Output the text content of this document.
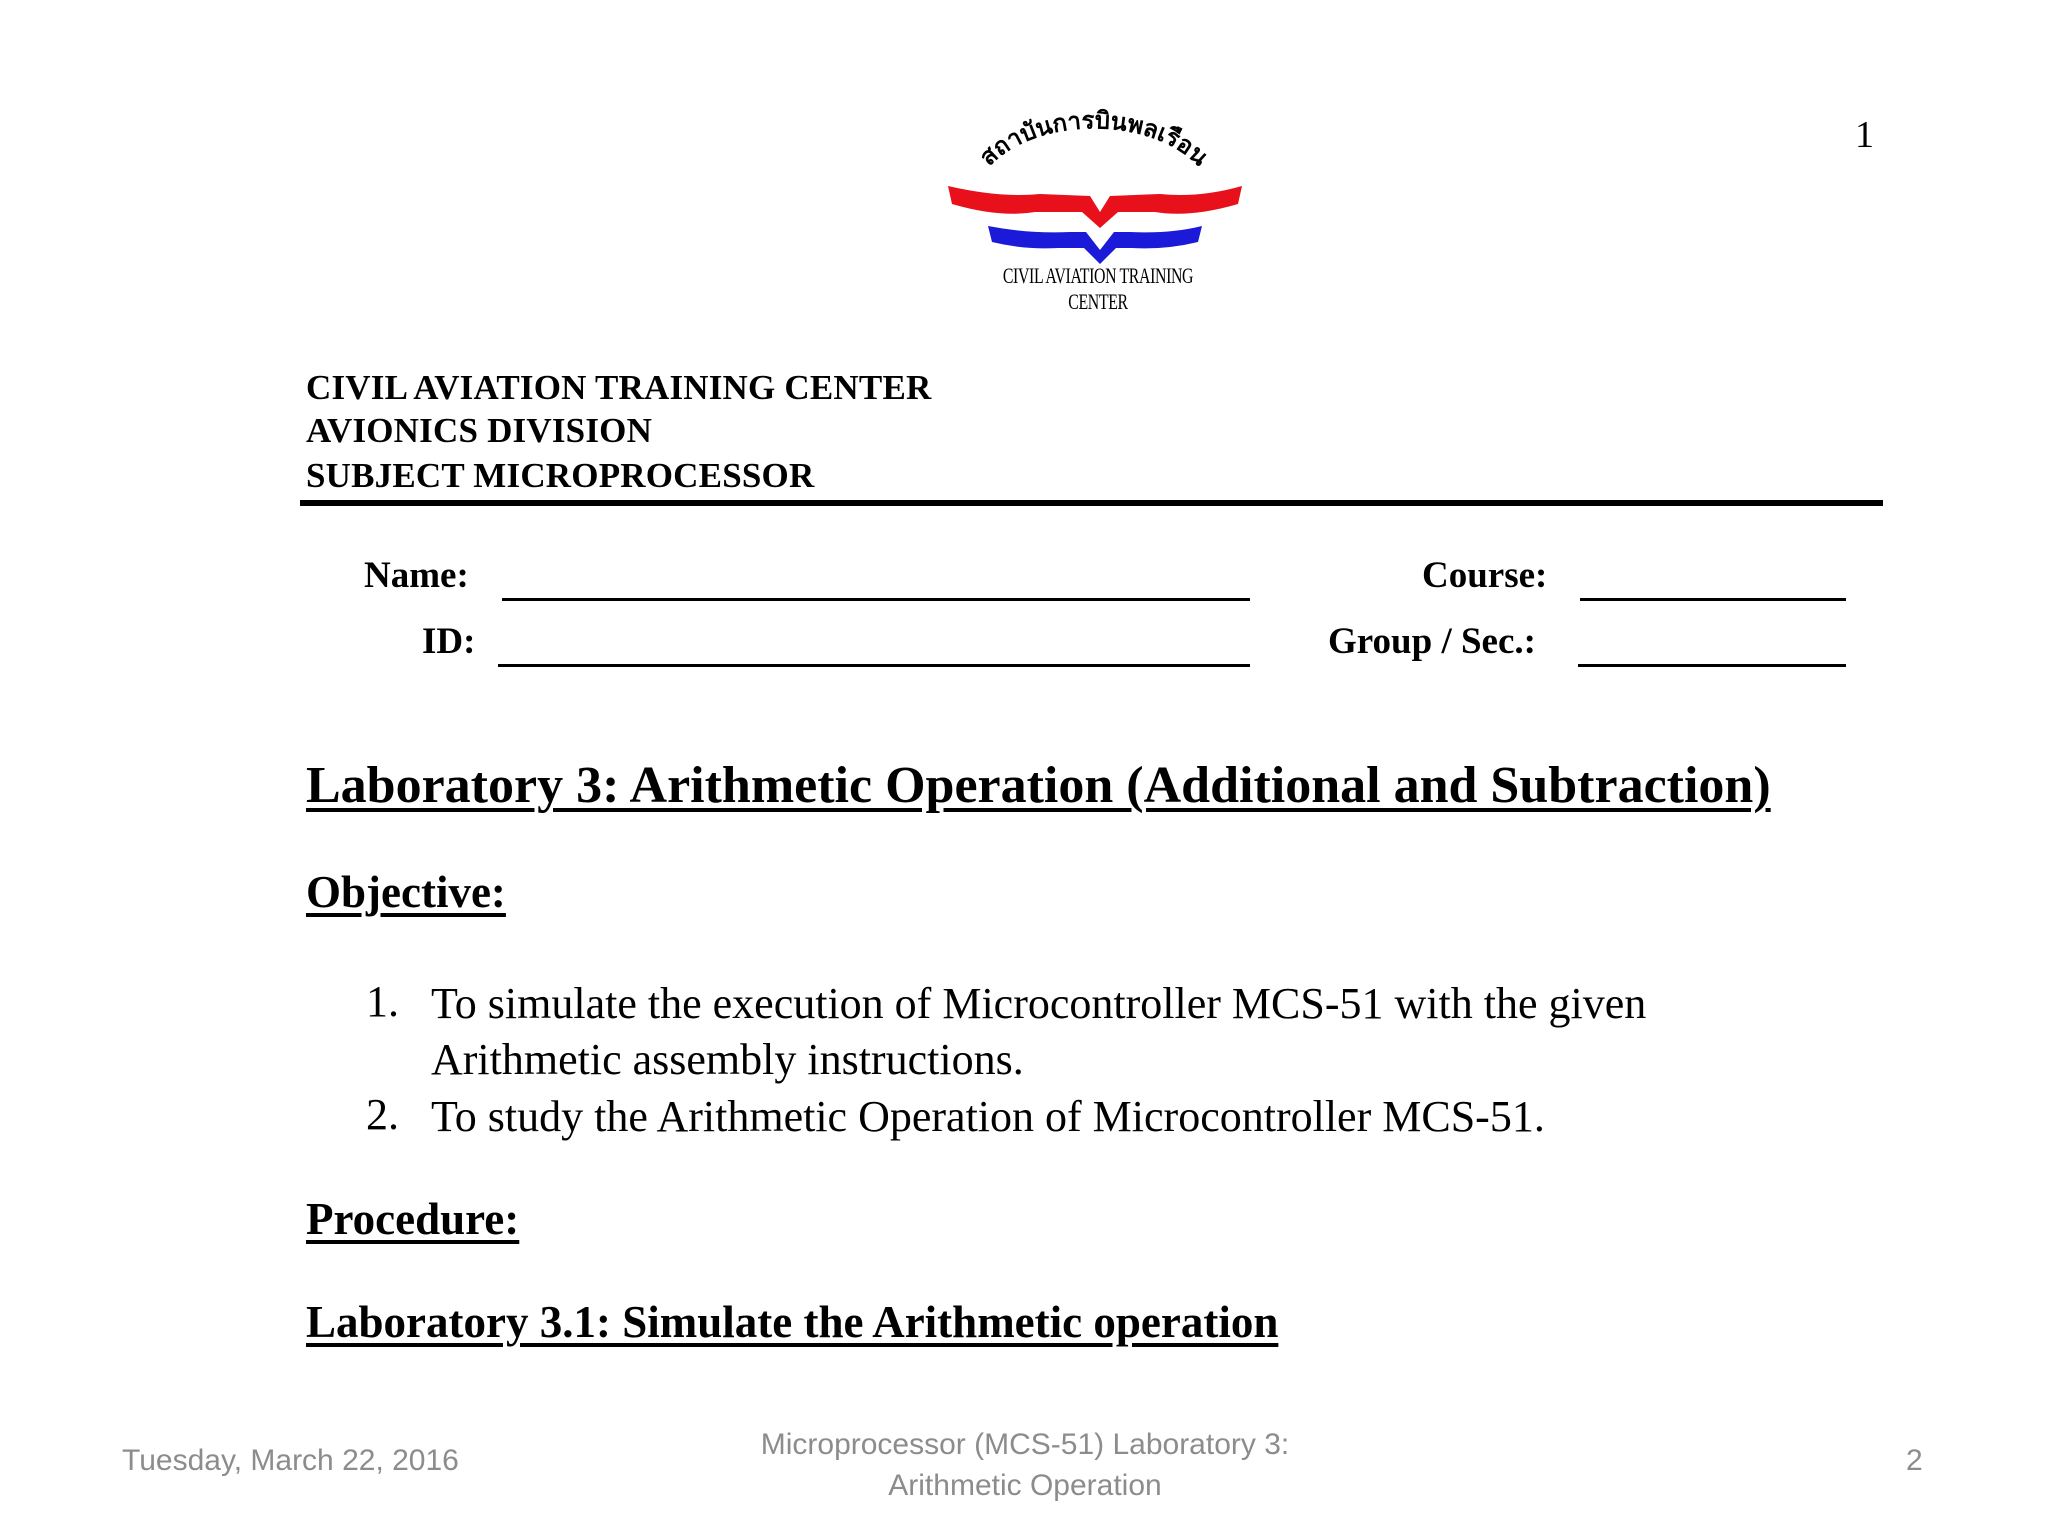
1
สถาบันการบินพลเรือน
CIVIL AVIATION TRAINING CENTER
CIVIL AVIATION TRAINING CENTER
AVIONICS DIVISION
SUBJECT MICROPROCESSOR
Name:
ID:
Course:
Group / Sec.:
Laboratory 3: Arithmetic Operation (Additional and Subtraction)
Objective:
1. To simulate the execution of Microcontroller MCS-51 with the given Arithmetic assembly instructions.
2. To study the Arithmetic Operation of Microcontroller MCS-51.
Procedure:
Laboratory 3.1: Simulate the Arithmetic operation
Tuesday, March 22, 2016	Microprocessor (MCS-51) Laboratory 3:
Arithmetic Operation
2
